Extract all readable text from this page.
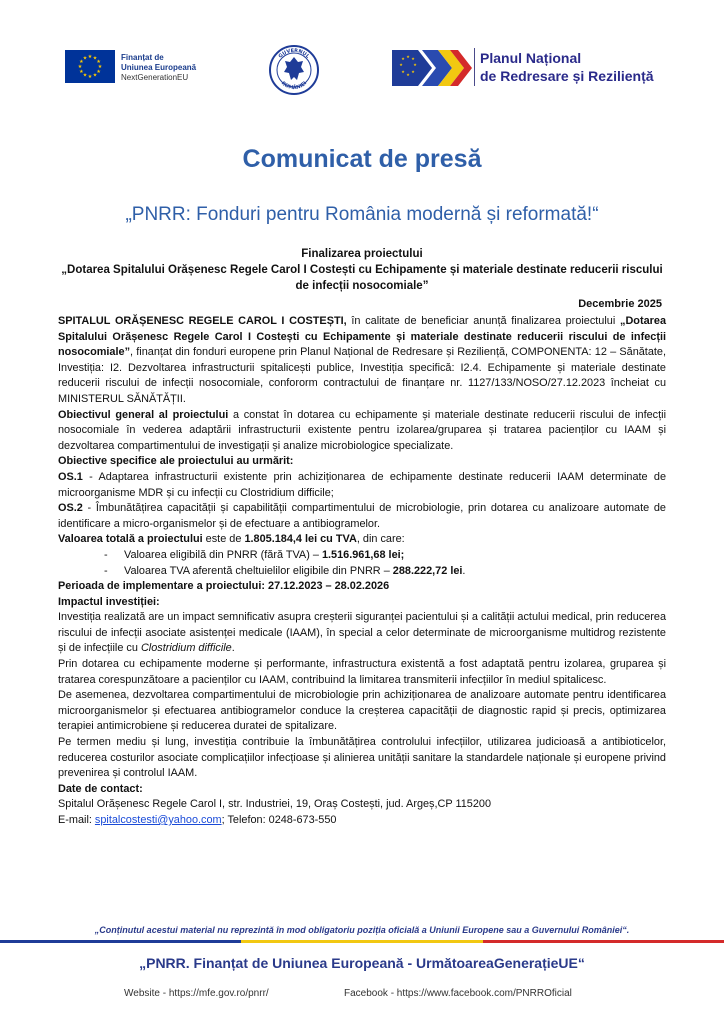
★ ★
★
★
★
★
★
★
★
★
★
★	Finanțat de
Uniunea Europeană
NextGenerationEU
GUVERNUL
ROMÂNIEI
★ ★
★
★
★
★
★
★	Planul Național
de Redresare și Reziliență
Comunicat de presă
„PNRR: Fonduri pentru România modernă și reformată!“
Finalizarea proiectului
„Dotarea Spitalului Orășenesc Regele Carol I Costești cu Echipamente și materiale destinate reducerii riscului de infecții nosocomiale”
Decembrie 2025

SPITALUL ORĂȘENESC REGELE CAROL I COSTEȘTI, în calitate de beneficiar anunță finalizarea proiectului „Dotarea Spitalului Orășenesc Regele Carol I Costești cu Echipamente și materiale destinate reducerii riscului de infecții nosocomiale”, finanțat din fonduri europene prin Planul Național de Redresare și Reziliență, COMPONENTA: 12 – Sănătate, Investiția: I2. Dezvoltarea infrastructurii spitalicești publice, Investiția specifică: I2.4. Echipamente și materiale destinate reducerii riscului de infecții nosocomiale, confororm contractului de finanțare nr. 1127/133/NOSO/27.12.2023 încheiat cu MINISTERUL SĂNĂTĂȚII.

Obiectivul general al proiectului a constat în dotarea cu echipamente și materiale destinate reducerii riscului de infecții nosocomiale în vederea adaptării infrastructurii existente pentru izolarea/gruparea și tratarea pacienților cu IAAM și dezvoltarea compartimentului de investigații și analize microbiologice specializate.

Obiective specifice ale proiectului au urmărit:

OS.1 - Adaptarea infrastructurii existente prin achiziționarea de echipamente destinate reducerii IAAM determinate de microorganisme MDR și cu infecții cu Clostridium difficile;

OS.2 - Îmbunătățirea capacității și capabilității compartimentului de microbiologie, prin dotarea cu analizoare automate de identificare a micro-organismelor și de efectuare a antibiogramelor.

Valoarea totală a proiectului este de 1.805.184,4 lei cu TVA, din care:

- Valoarea eligibilă din PNRR (fără TVA) – 1.516.961,68 lei;

- Valoarea TVA aferentă cheltuielilor eligibile din PNRR – 288.222,72 lei.

Perioada de implementare a proiectului: 27.12.2023 – 28.02.2026

Impactul investiției:

Investiția realizată are un impact semnificativ asupra creșterii siguranței pacientului și a calității actului medical, prin reducerea riscului de infecții asociate asistenței medicale (IAAM), în special a celor determinate de microorganisme multidrog rezistente și de infecțiile cu Clostridium difficile.

Prin dotarea cu echipamente moderne și performante, infrastructura existentă a fost adaptată pentru izolarea, gruparea și tratarea corespunzătoare a pacienților cu IAAM, contribuind la limitarea transmiterii infecțiilor în mediul spitalicesc.

De asemenea, dezvoltarea compartimentului de microbiologie prin achiziționarea de analizoare automate pentru identificarea microorganismelor și efectuarea antibiogramelor conduce la creșterea capacității de diagnostic rapid și precis, optimizarea terapiei antimicrobiene și reducerea duratei de spitalizare.

Pe termen mediu și lung, investiția contribuie la îmbunătățirea controlului infecțiilor, utilizarea judicioasă a antibioticelor, reducerea costurilor asociate complicațiilor infecțioase și alinierea unității sanitare la standardele naționale și europene privind prevenirea și controlul IAAM.

Date de contact:

Spitalul Orășenesc Regele Carol I, str. Industriei, 19, Oraș Costești, jud. Argeș,CP 115200

E-mail: spitalcostesti@yahoo.com; Telefon: 0248-673-550

„Conținutul acestui material nu reprezintă în mod obligatoriu poziția oficială a Uniunii Europene sau a Guvernului României“.
„PNRR. Finanțat de Uniunea Europeană - UrmătoareaGenerațieUE“
Website - https://mfe.gov.ro/pnrr/	Facebook - https://www.facebook.com/PNRROficial
